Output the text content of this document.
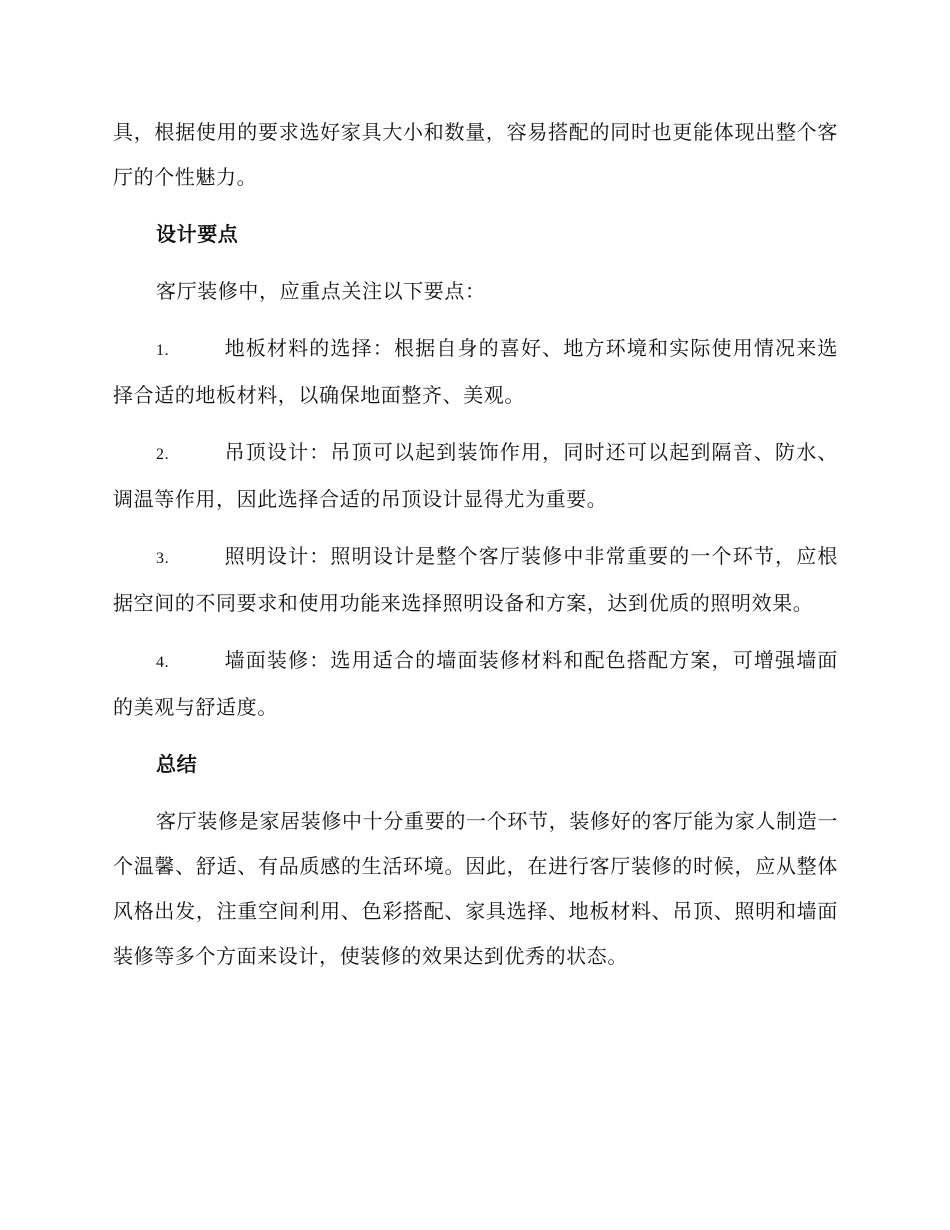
具，根据使用的要求选好家具大小和数量，容易搭配的同时也更能体现出整个客厅的个性魅力。

设计要点

客厅装修中，应重点关注以下要点：

1.	地板材料的选择：根据自身的喜好、地方环境和实际使用情况来选择合适的地板材料，以确保地面整齐、美观。

2.	吊顶设计：吊顶可以起到装饰作用，同时还可以起到隔音、防水、调温等作用，因此选择合适的吊顶设计显得尤为重要。

3.	照明设计：照明设计是整个客厅装修中非常重要的一个环节，应根据空间的不同要求和使用功能来选择照明设备和方案，达到优质的照明效果。

4.	墙面装修：选用适合的墙面装修材料和配色搭配方案，可增强墙面的美观与舒适度。

总结

客厅装修是家居装修中十分重要的一个环节，装修好的客厅能为家人制造一个温馨、舒适、有品质感的生活环境。因此，在进行客厅装修的时候，应从整体风格出发，注重空间利用、色彩搭配、家具选择、地板材料、吊顶、照明和墙面装修等多个方面来设计，使装修的效果达到优秀的状态。
